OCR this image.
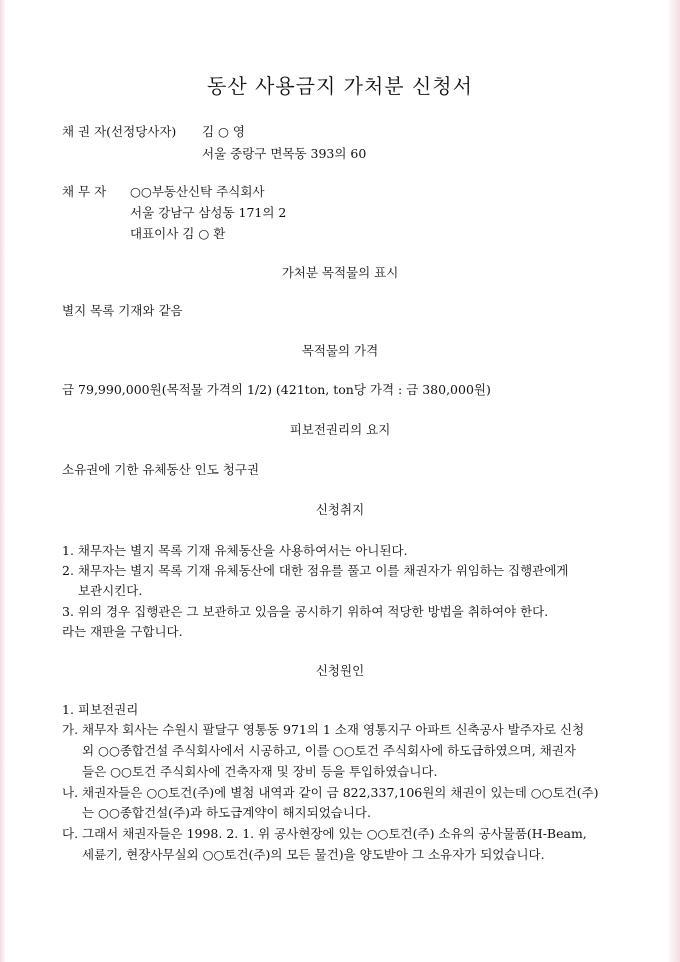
동산 사용금지 가처분 신청서
채 권 자(선정당사자) 김 ○ 영
서울 중랑구 면목동 393의 60
채 무 자 ○○부동산신탁 주식회사
서울 강남구 삼성동 171의 2
대표이사 김 ○ 환
가처분 목적물의 표시
별지 목록 기재와 같음
목적물의 가격
금 79,990,000원(목적물 가격의 1/2) (421ton, ton당 가격 : 금 380,000원)
피보전권리의 요지
소유권에 기한 유체동산 인도 청구권
신청취지
1. 채무자는 별지 목록 기재 유체동산을 사용하여서는 아니된다.
2. 채무자는 별지 목록 기재 유체동산에 대한 점유를 풀고 이를 채권자가 위임하는 집행관에게
보관시킨다.
3. 위의 경우 집행관은 그 보관하고 있음을 공시하기 위하여 적당한 방법을 취하여야 한다.
라는 재판을 구합니다.
신청원인
1. 피보전권리
가. 채무자 회사는 수원시 팔달구 영통동 971의 1 소재 영통지구 아파트 신축공사 발주자로 신청
외 ○○종합건설 주식회사에서 시공하고, 이를 ○○토건 주식회사에 하도급하였으며, 채권자
들은 ○○토건 주식회사에 건축자재 및 장비 등을 투입하였습니다.
나. 채권자들은 ○○토건(주)에 별첨 내역과 같이 금 822,337,106원의 채권이 있는데 ○○토건(주)
는 ○○종합건설(주)과 하도급계약이 해지되었습니다.
다. 그래서 채권자들은 1998. 2. 1. 위 공사현장에 있는 ○○토건(주) 소유의 공사물품(H-Beam,
세륜기, 현장사무실외 ○○토건(주)의 모든 물건)을 양도받아 그 소유자가 되었습니다.
